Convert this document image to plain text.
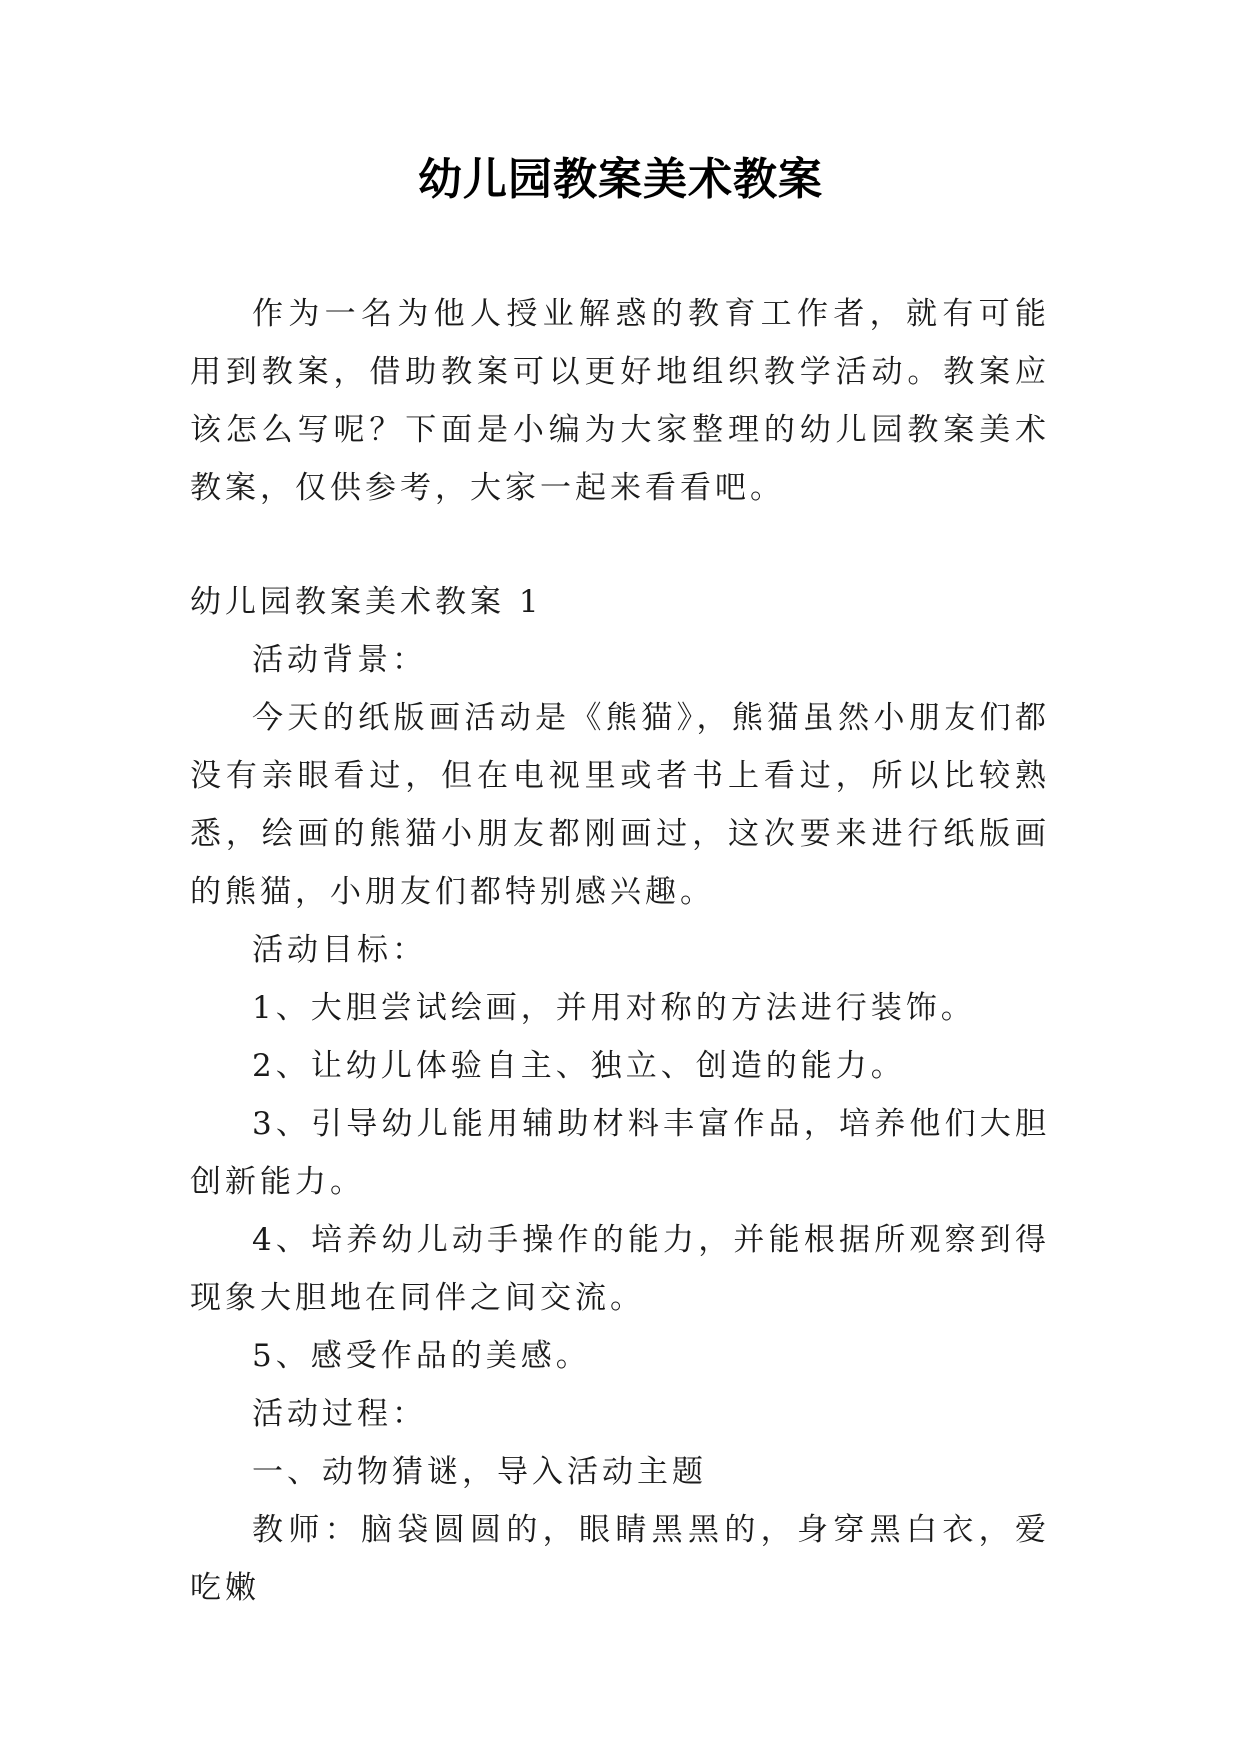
幼儿园教案美术教案

作为一名为他人授业解惑的教育工作者，就有可能用到教案，借助教案可以更好地组织教学活动。教案应该怎么写呢？下面是小编为大家整理的幼儿园教案美术教案，仅供参考，大家一起来看看吧。

幼儿园教案美术教案 1

活动背景：

今天的纸版画活动是《熊猫》，熊猫虽然小朋友们都没有亲眼看过，但在电视里或者书上看过，所以比较熟悉，绘画的熊猫小朋友都刚画过，这次要来进行纸版画的熊猫，小朋友们都特别感兴趣。

活动目标：

1、大胆尝试绘画，并用对称的方法进行装饰。

2、让幼儿体验自主、独立、创造的能力。

3、引导幼儿能用辅助材料丰富作品，培养他们大胆创新能力。

4、培养幼儿动手操作的能力，并能根据所观察到得现象大胆地在同伴之间交流。

5、感受作品的美感。

活动过程：

一、动物猜谜，导入活动主题

教师：脑袋圆圆的，眼睛黑黑的，身穿黑白衣，爱吃嫩
